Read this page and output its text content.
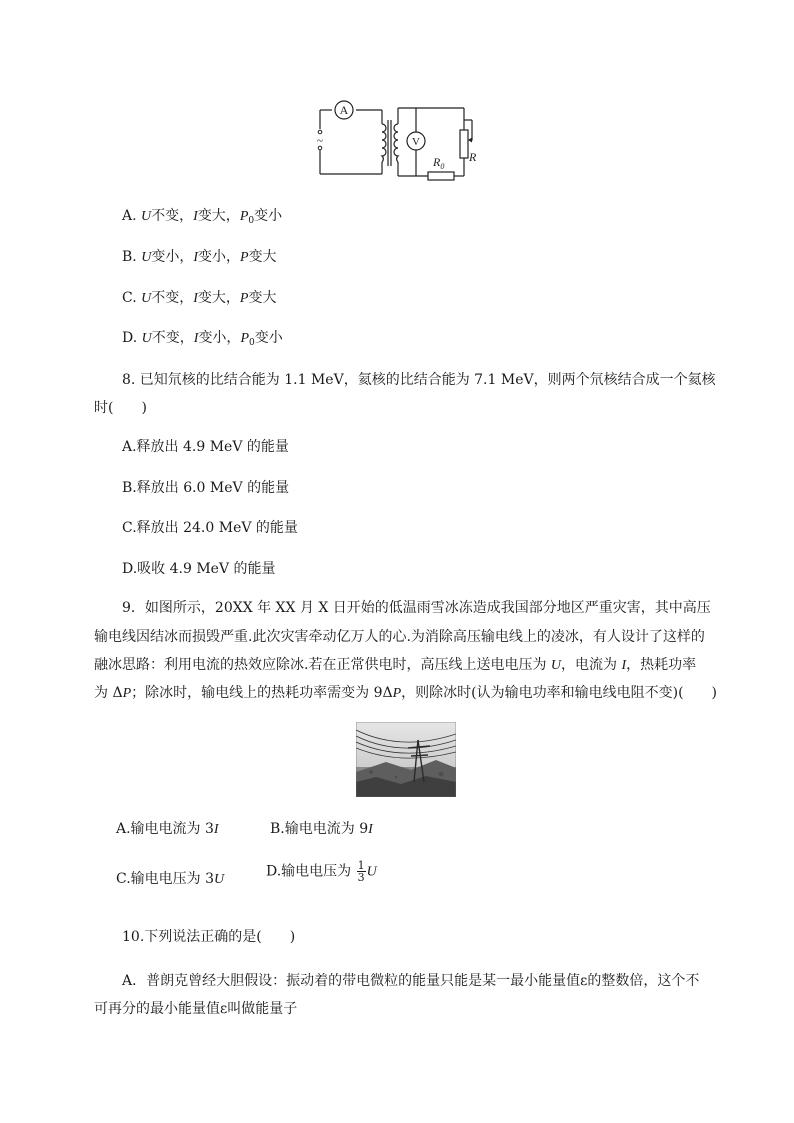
A
V
~
$R_0$
R
A. U不变，I变大，$P_0$变小
B. U变小，I变小，P变大
C. U不变，I变大，P变大
D. U不变，I变小，$P_0$变小
8. 已知氘核的比结合能为 1.1 MeV，氦核的比结合能为 7.1 MeV，则两个氘核结合成一个氦核
时(　　)
A.释放出 4.9 MeV 的能量
B.释放出 6.0 MeV 的能量
C.释放出 24.0 MeV 的能量
D.吸收 4.9 MeV 的能量
9．如图所示，20XX 年 XX 月 X 日开始的低温雨雪冰冻造成我国部分地区严重灾害，其中高压
输电线因结冰而损毁严重.此次灾害牵动亿万人的心.为消除高压输电线上的凌冰，有人设计了这样的
融冰思路：利用电流的热效应除冰.若在正常供电时，高压线上送电电压为 U，电流为 I，热耗功率
为 ΔP；除冰时，输电线上的热耗功率需变为 9ΔP，则除冰时(认为输电功率和输电线电阻不变)(　　)
A.输电电流为 3I	B.输电电流为 9I
C.输电电压为 3U	D.输电电压为 $\frac{1}{3}$ U
10.下列说法正确的是(　　)
A．普朗克曾经大胆假设：振动着的带电微粒的能量只能是某一最小能量值ε的整数倍，这个不
可再分的最小能量值ε叫做能量子
